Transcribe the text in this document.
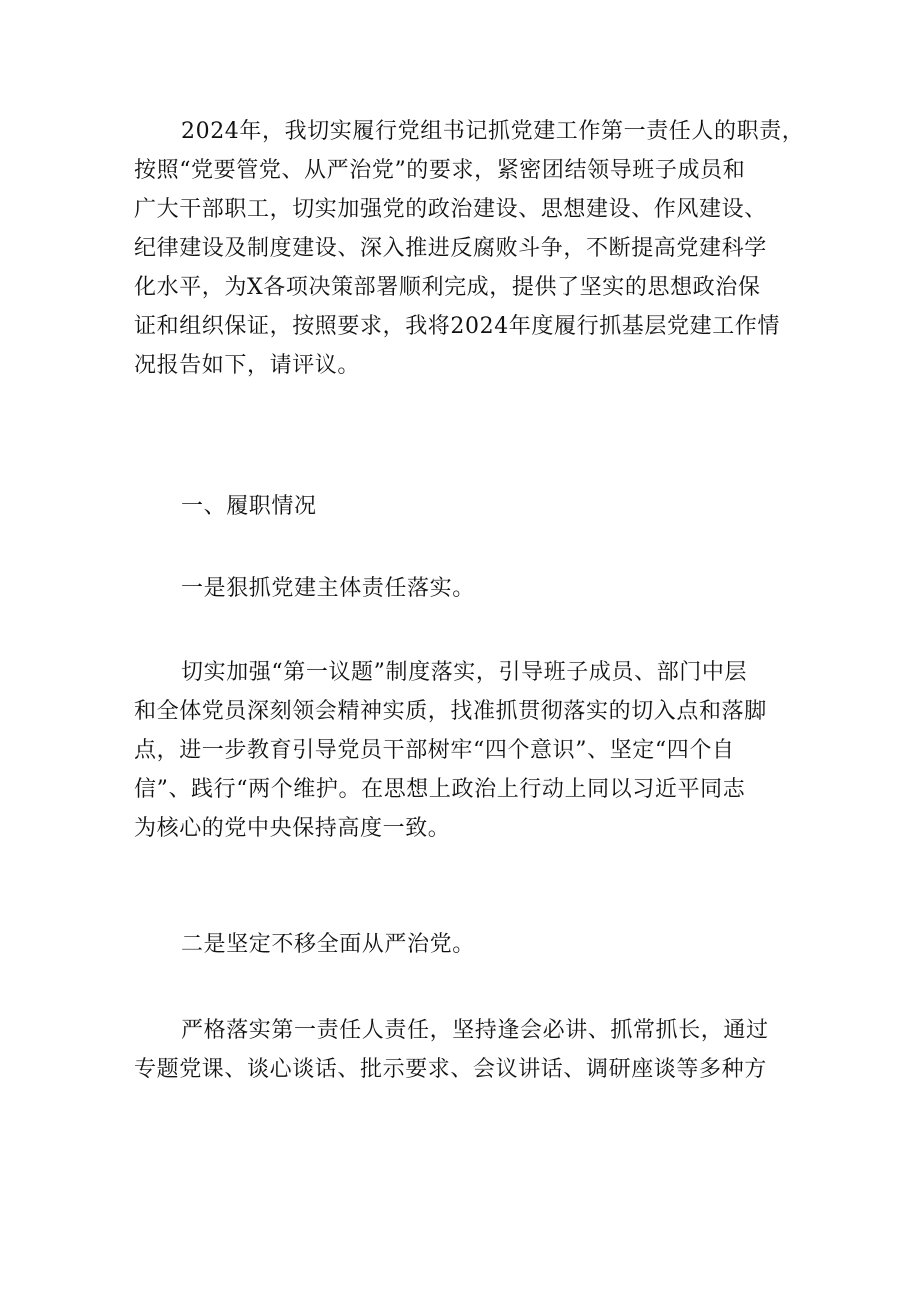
2024年，我切实履行党组书记抓党建工作第一责任人的职责，
按照“党要管党、从严治党”的要求，紧密团结领导班子成员和
广大干部职工，切实加强党的政治建设、思想建设、作风建设、
纪律建设及制度建设、深入推进反腐败斗争，不断提高党建科学
化水平，为X各项决策部署顺利完成，提供了坚实的思想政治保
证和组织保证，按照要求，我将2024年度履行抓基层党建工作情
况报告如下，请评议。
一、履职情况
一是狠抓党建主体责任落实。
切实加强“第一议题”制度落实，引导班子成员、部门中层
和全体党员深刻领会精神实质，找准抓贯彻落实的切入点和落脚
点，进一步教育引导党员干部树牢“四个意识”、坚定“四个自
信”、践行“两个维护。在思想上政治上行动上同以习近平同志
为核心的党中央保持高度一致。
二是坚定不移全面从严治党。
严格落实第一责任人责任，坚持逢会必讲、抓常抓长，通过
专题党课、谈心谈话、批示要求、会议讲话、调研座谈等多种方
